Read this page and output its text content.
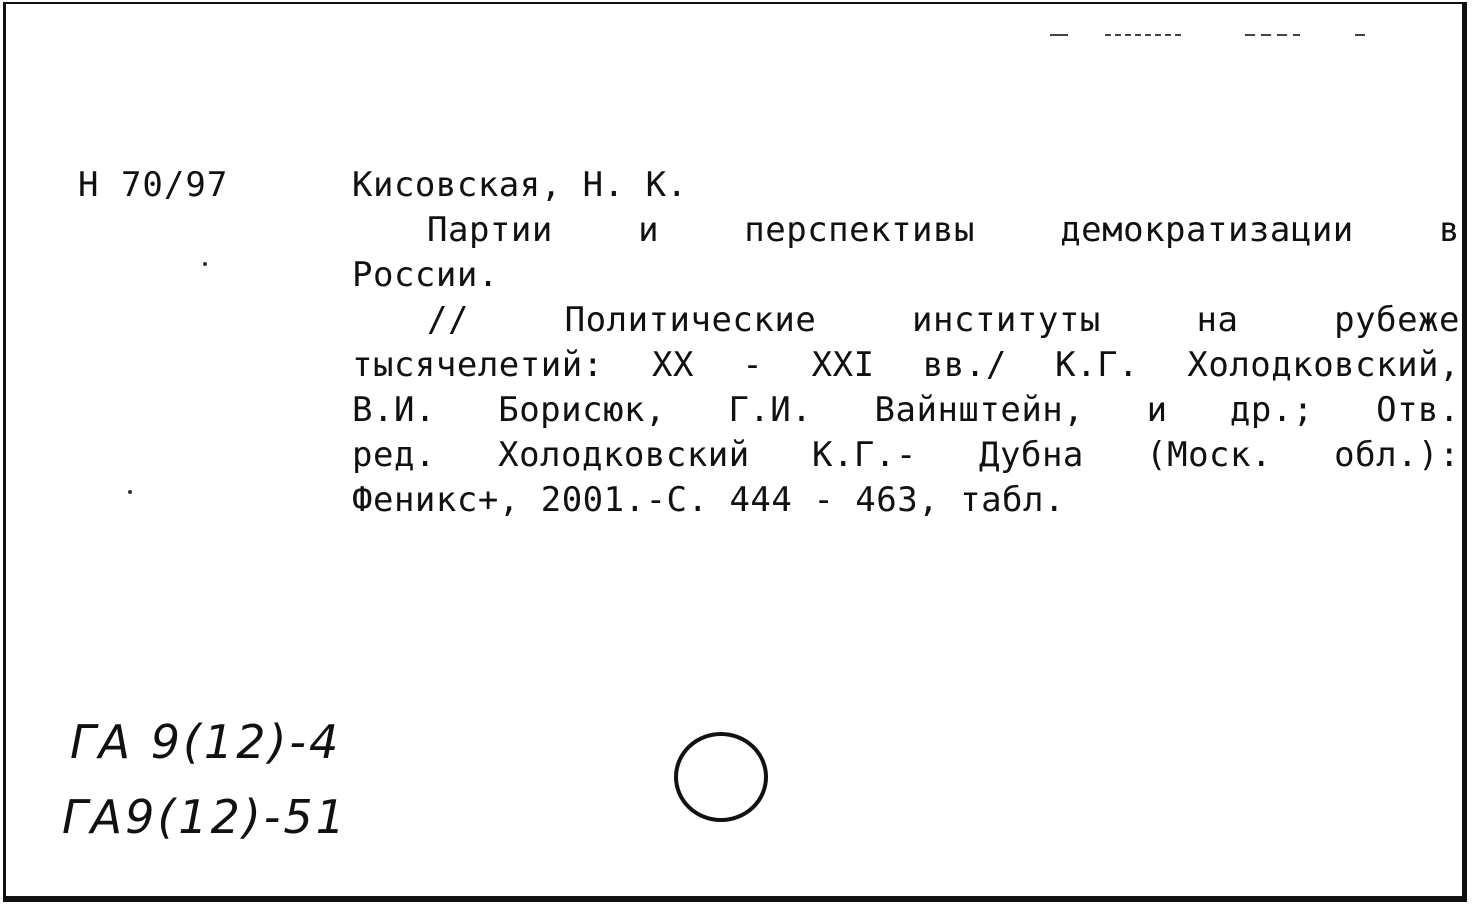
Н 70/97	Кисовская, Н. К.
Партии и перспективы демократизации в
России.
// Политические институты на рубеже
тысячелетий: XX - XXI вв./ К.Г. Холодковский,
В.И. Борисюк, Г.И. Вайнштейн, и др.; Отв.
ред. Холодковский К.Г.- Дубна (Моск. обл.):
Феникс+, 2001.-С. 444 - 463, табл.
ГА 9(12)-4
ГА9(12)-51
